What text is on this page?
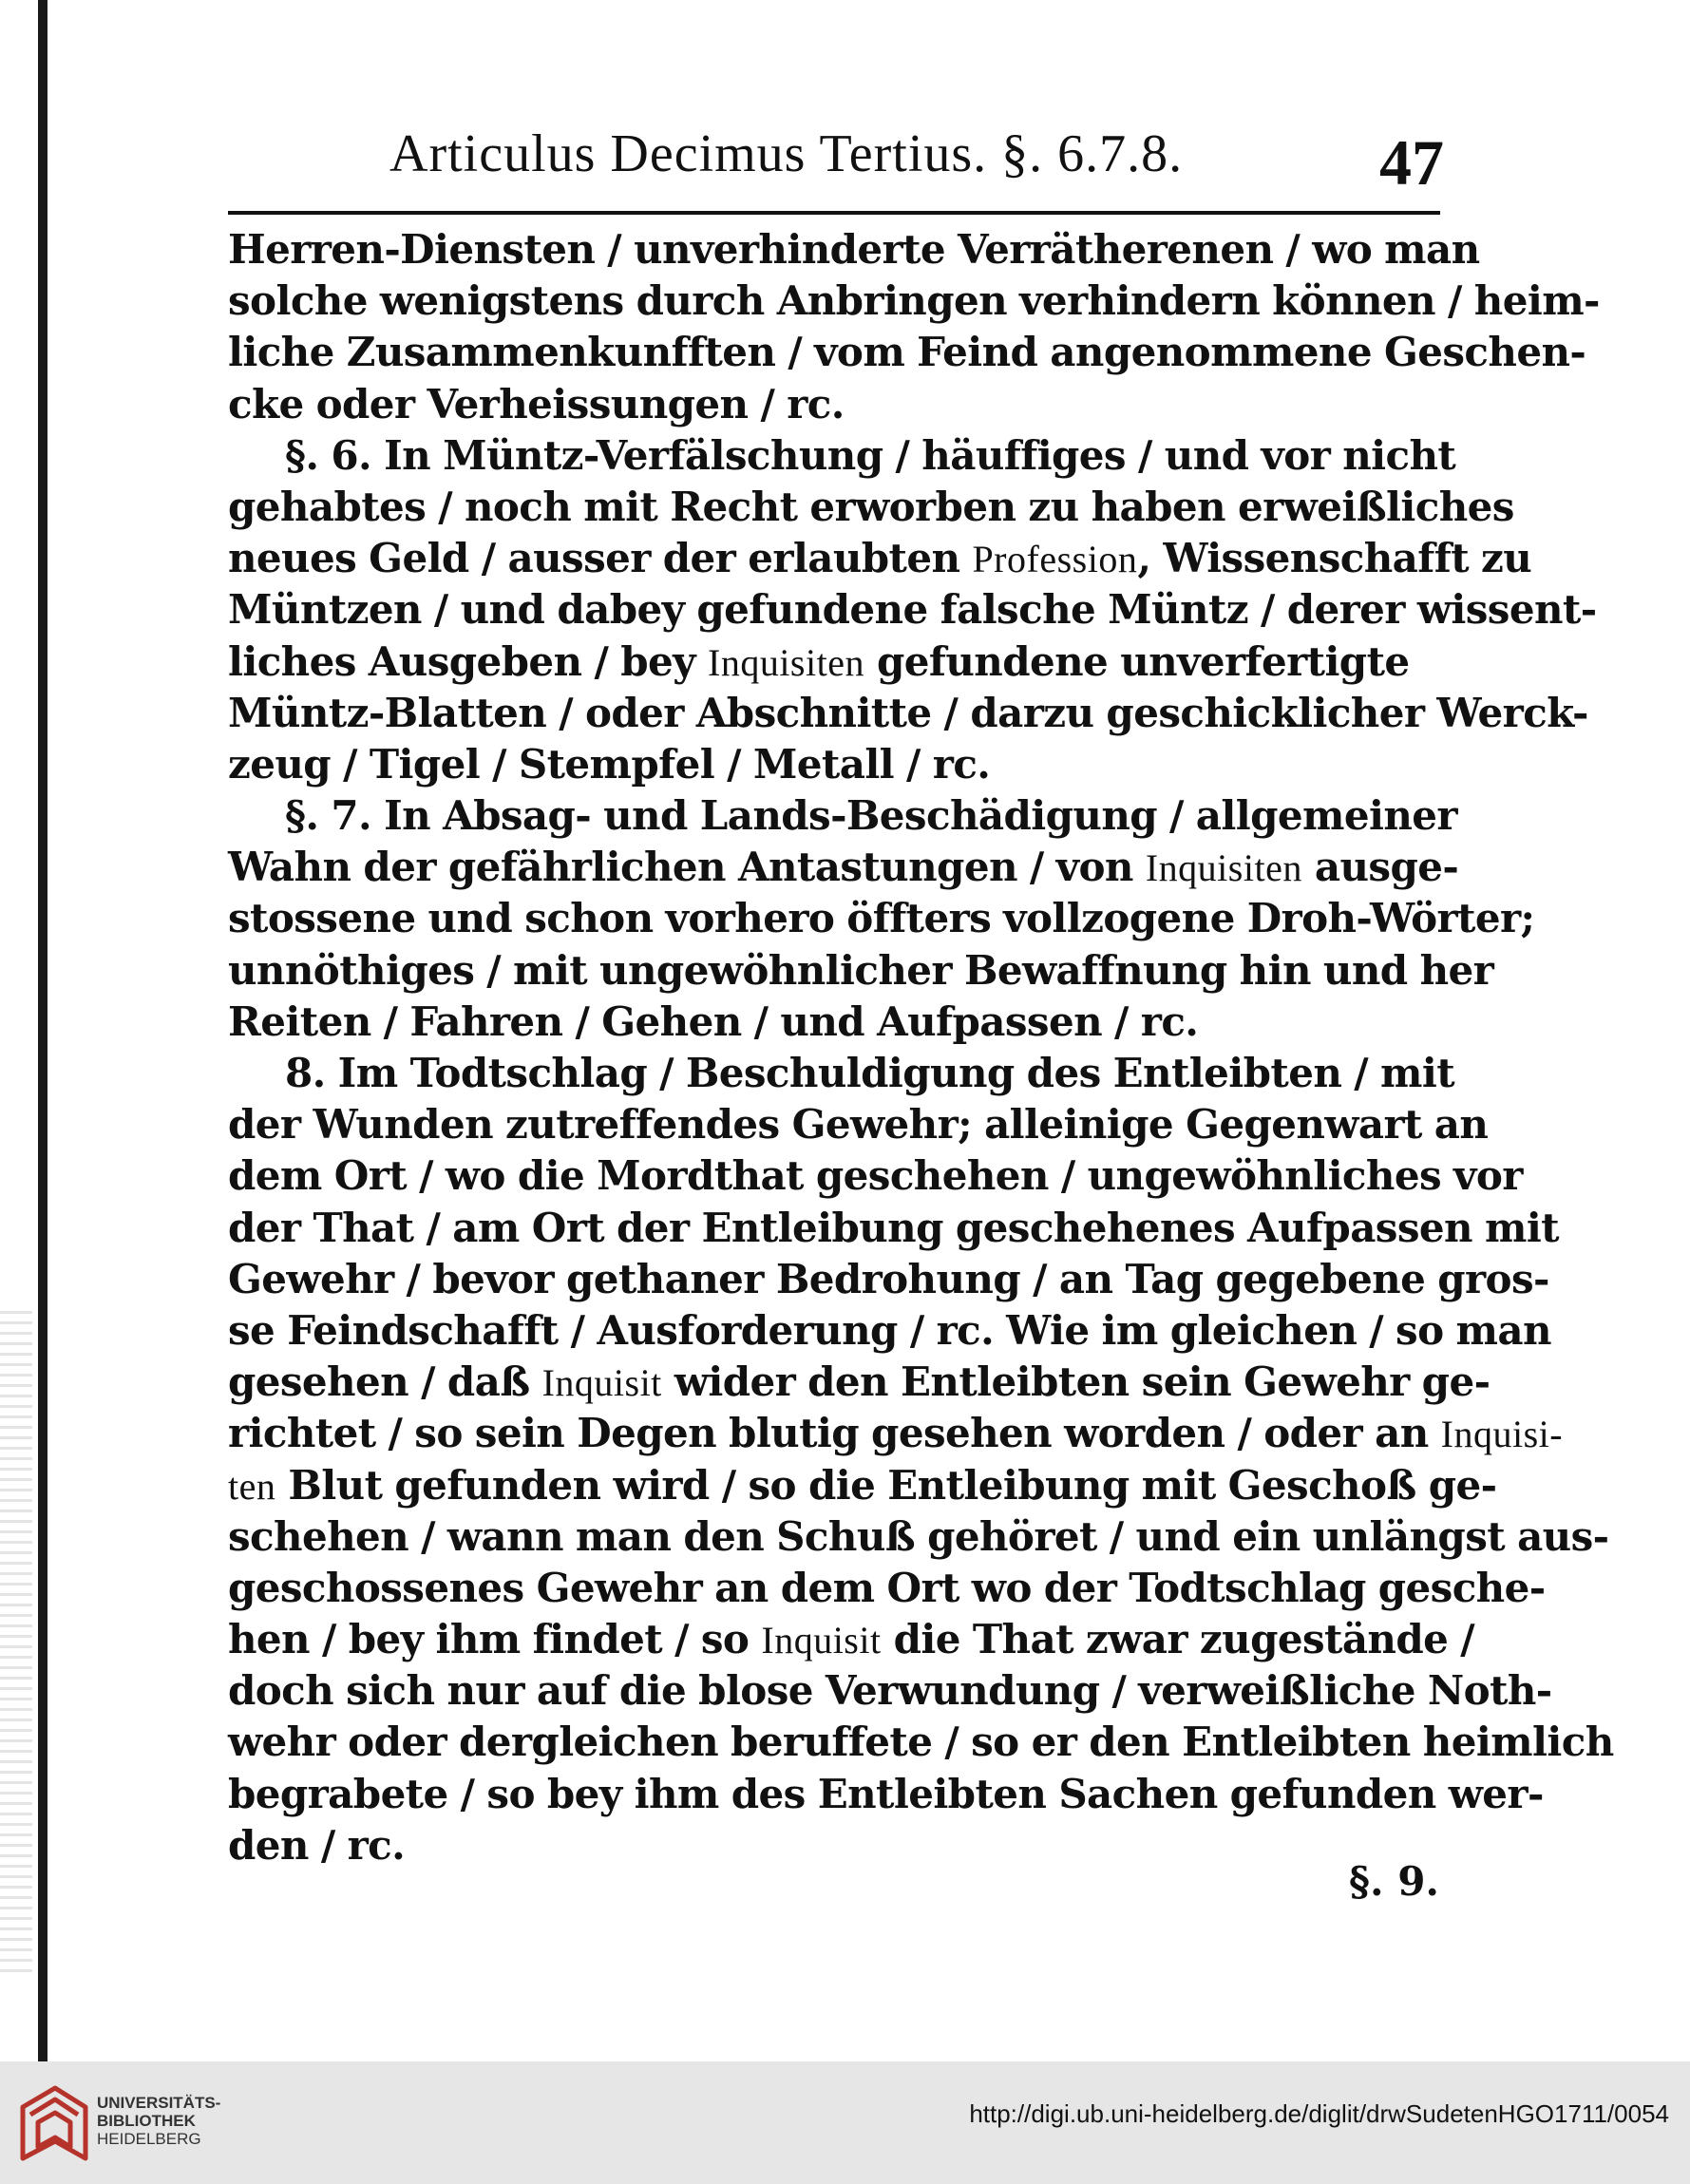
Articulus Decimus Tertius. §. 6.7.8.	47
Herren-Diensten / unverhinderte Verrätherenen / wo man
solche wenigstens durch Anbringen verhindern können / heim-
liche Zusammenkunfften / vom Feind angenommene Geschen-
cke oder Verheissungen / rc.
§. 6. In Müntz-Verfälschung / häuffiges / und vor nicht
gehabtes / noch mit Recht erworben zu haben erweißliches
neues Geld / ausser der erlaubten Profession, Wissenschafft zu
Müntzen / und dabey gefundene falsche Müntz / derer wissent-
liches Ausgeben / bey Inquisiten gefundene unverfertigte
Müntz-Blatten / oder Abschnitte / darzu geschicklicher Werck-
zeug / Tigel / Stempfel / Metall / rc.
§. 7. In Absag- und Lands-Beschädigung / allgemeiner
Wahn der gefährlichen Antastungen / von Inquisiten ausge-
stossene und schon vorhero öffters vollzogene Droh-Wörter;
unnöthiges / mit ungewöhnlicher Bewaffnung hin und her
Reiten / Fahren / Gehen / und Aufpassen / rc.
8. Im Todtschlag / Beschuldigung des Entleibten / mit
der Wunden zutreffendes Gewehr; alleinige Gegenwart an
dem Ort / wo die Mordthat geschehen / ungewöhnliches vor
der That / am Ort der Entleibung geschehenes Aufpassen mit
Gewehr / bevor gethaner Bedrohung / an Tag gegebene gros-
se Feindschafft / Ausforderung / rc. Wie im gleichen / so man
gesehen / daß Inquisit wider den Entleibten sein Gewehr ge-
richtet / so sein Degen blutig gesehen worden / oder an Inquisi-
ten Blut gefunden wird / so die Entleibung mit Geschoß ge-
schehen / wann man den Schuß gehöret / und ein unlängst aus-
geschossenes Gewehr an dem Ort wo der Todtschlag gesche-
hen / bey ihm findet / so Inquisit die That zwar zugestände /
doch sich nur auf die blose Verwundung / verweißliche Noth-
wehr oder dergleichen beruffete / so er den Entleibten heimlich
begrabete / so bey ihm des Entleibten Sachen gefunden wer-
den / rc.
§. 9.
UNIVERSITÄTS-
BIBLIOTHEK
HEIDELBERG
http://digi.ub.uni-heidelberg.de/diglit/drwSudetenHGO1711/0054
